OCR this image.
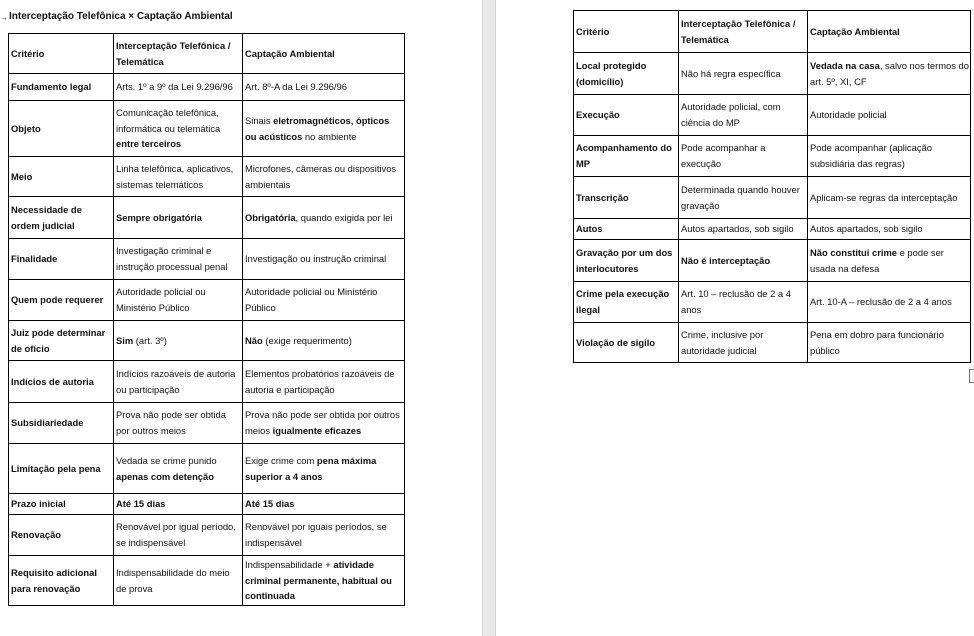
→ Interceptação Telefônica × Captação Ambiental
Critério	Interceptação Telefônica / Telemática	Captação Ambiental
Fundamento legal	Arts. 1º a 9º da Lei 9.296/96	Art. 8º-A da Lei 9.296/96
Objeto	Comunicação telefônica, informática ou telemática entre terceiros	Sinais eletromagnéticos, ópticos ou acústicos no ambiente
Meio	Linha telefônica, aplicativos, sistemas telemáticos	Microfones, câmeras ou dispositivos ambientais
Necessidade de ordem judicial	Sempre obrigatória	Obrigatória, quando exigida por lei
Finalidade	Investigação criminal e instrução processual penal	Investigação ou instrução criminal
Quem pode requerer	Autoridade policial ou Ministério Público	Autoridade policial ou Ministério Público
Juiz pode determinar de ofício	Sim (art. 3º)	Não (exige requerimento)
Indícios de autoria	Indícios razoáveis de autoria ou participação	Elementos probatórios razoáveis de autoria e participação
Subsidiariedade	Prova não pode ser obtida por outros meios	Prova não pode ser obtida por outros meios igualmente eficazes
Limitação pela pena	Vedada se crime punido apenas com detenção	Exige crime com pena máxima superior a 4 anos
Prazo inicial	Até 15 dias	Até 15 dias
Renovação	Renovável por igual período, se indispensável	Renovável por iguais períodos, se indispensável
Requisito adicional para renovação	Indispensabilidade do meio de prova	Indispensabilidade + atividade criminal permanente, habitual ou continuada
Critério	Interceptação Telefônica / Telemática	Captação Ambiental
Local protegido (domicílio)	Não há regra específica	Vedada na casa, salvo nos termos do art. 5º, XI, CF
Execução	Autoridade policial, com ciência do MP	Autoridade policial
Acompanhamento do MP	Pode acompanhar a execução	Pode acompanhar (aplicação subsidiária das regras)
Transcrição	Determinada quando houver gravação	Aplicam-se regras da interceptação
Autos	Autos apartados, sob sigilo	Autos apartados, sob sigilo
Gravação por um dos interlocutores	Não é interceptação	Não constitui crime e pode ser usada na defesa
Crime pela execução ilegal	Art. 10 – reclusão de 2 a 4 anos	Art. 10-A – reclusão de 2 a 4 anos
Violação de sigilo	Crime, inclusive por autoridade judicial	Pena em dobro para funcionário público
